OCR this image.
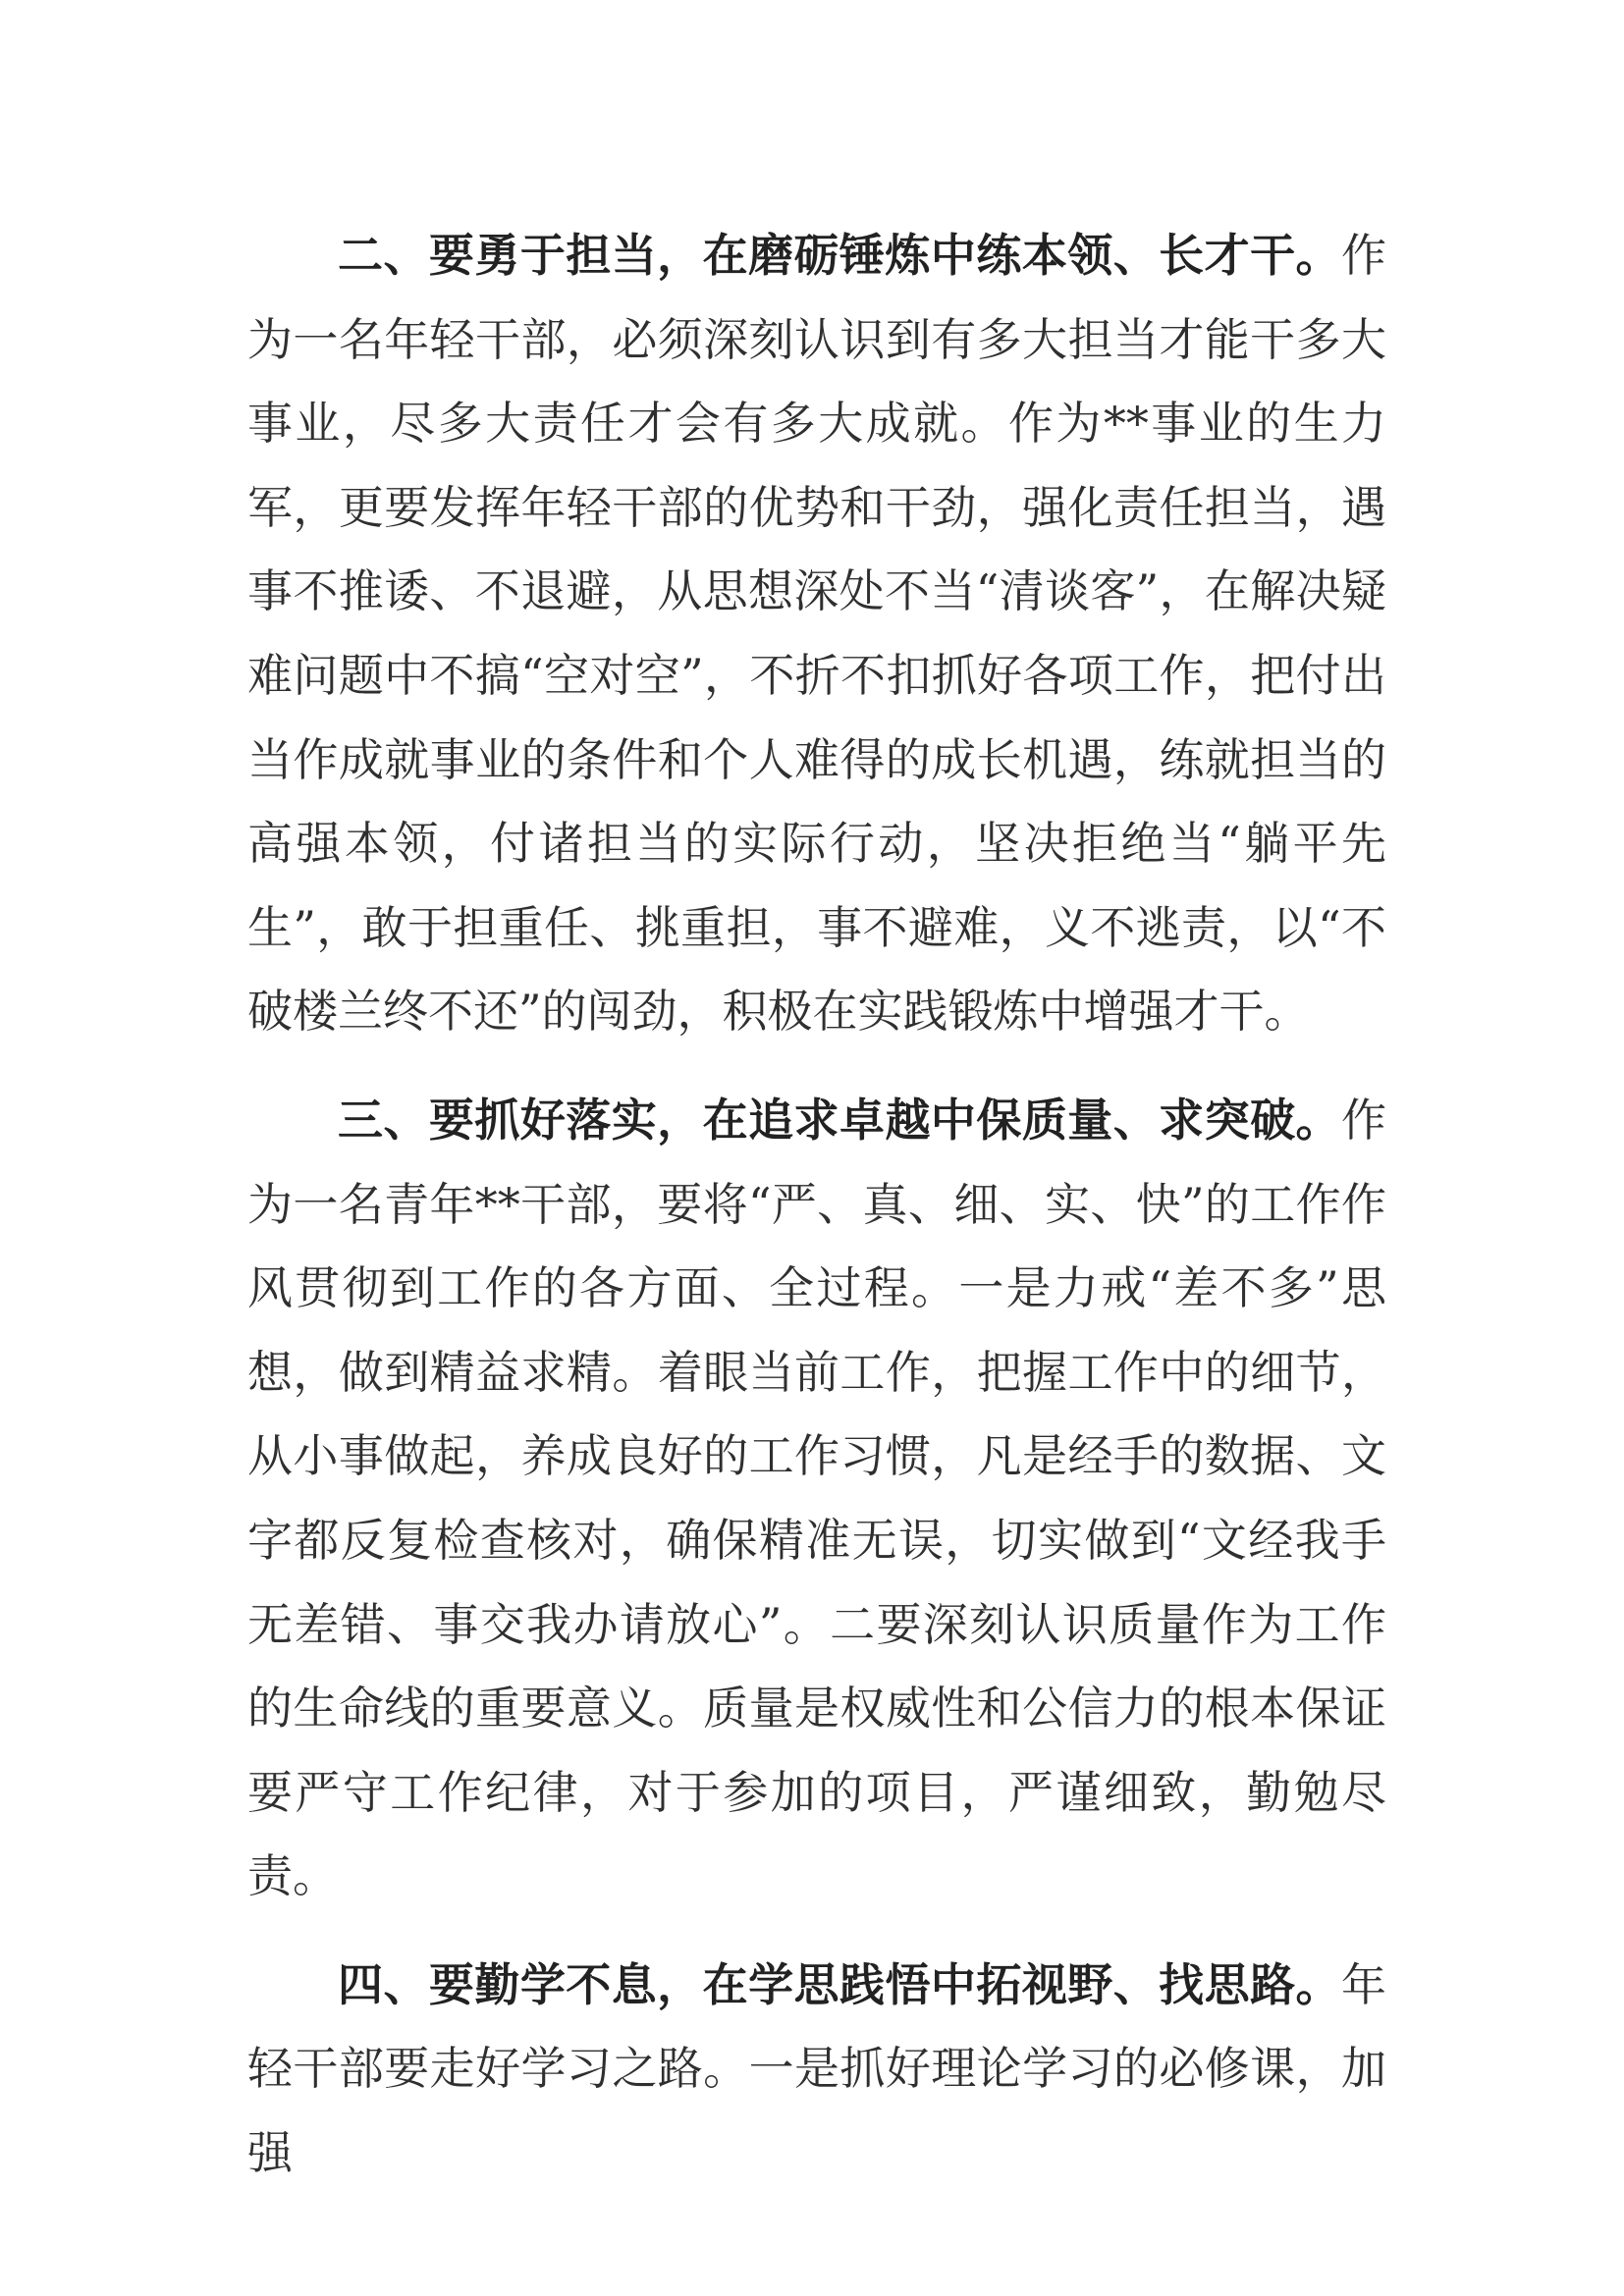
二、要勇于担当，在磨砺锤炼中练本领、长才干。作为一名年轻干部，必须深刻认识到有多大担当才能干多大事业，尽多大责任才会有多大成就。作为**事业的生力军，更要发挥年轻干部的优势和干劲，强化责任担当，遇事不推诿、不退避，从思想深处不当“清谈客”，在解决疑难问题中不搞“空对空”，不折不扣抓好各项工作，把付出当作成就事业的条件和个人难得的成长机遇，练就担当的高强本领，付诸担当的实际行动，坚决拒绝当“躺平先生”，敢于担重任、挑重担，事不避难，义不逃责，以“不破楼兰终不还”的闯劲，积极在实践锻炼中增强才干。

三、要抓好落实，在追求卓越中保质量、求突破。作为一名青年**干部，要将“严、真、细、实、快”的工作作风贯彻到工作的各方面、全过程。一是力戒“差不多”思想，做到精益求精。着眼当前工作，把握工作中的细节，从小事做起，养成良好的工作习惯，凡是经手的数据、文字都反复检查核对，确保精准无误，切实做到“文经我手无差错、事交我办请放心”。二要深刻认识质量作为工作的生命线的重要意义。质量是权威性和公信力的根本保证要严守工作纪律，对于参加的项目，严谨细致，勤勉尽责。

四、要勤学不息，在学思践悟中拓视野、找思路。年轻干部要走好学习之路。一是抓好理论学习的必修课，加强
